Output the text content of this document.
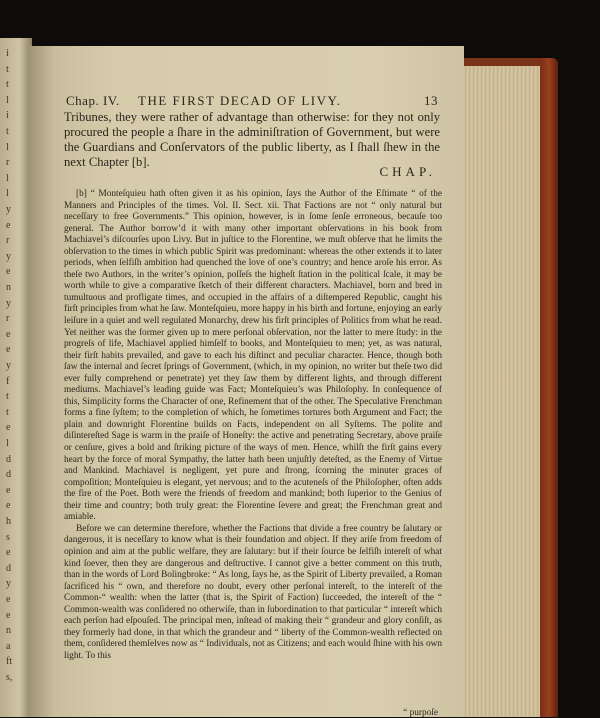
i
t
t
l
i
t
l
r
l
l
y
e
r
y
e
n
y
r
e
e
y
f
t
t
e
l
d
d
e
e
h
s
e
d
y
e
e
n
a
ft
s,
Chap. IV. THE FIRST DECAD OF LIVY.	13

Tribunes, they were rather of advantage than otherwise: for they not only procured the people a ſhare in the adminiſtration of Government, but were the Guardians and Conſervators of the public liberty, as I ſhall ſhew in the next Chapter [b].

CHAP.

[b] “ Monteſquieu hath often given it as his opinion, ſays the Author of the Eſtimate “ of the Manners and Principles of the times. Vol. II. Sect. xii. That Factions are not “ only natural but neceſſary to free Governments.” This opinion, however, is in ſome ſenſe erroneous, becauſe too general. The Author borrow’d it with many other important obſervations in his book from Machiavel’s diſcourſes upon Livy. But in juſtice to the Florentine, we muſt obſerve that he limits the obſervation to the times in which public Spirit was predominant: whereas the other extends it to later periods, when ſelfiſh ambition had quenched the love of one’s country; and hence aroſe his error. As theſe two Authors, in the writer’s opinion, poſſeſs the higheſt ſtation in the political ſcale, it may be worth while to give a comparative ſketch of their different characters. Machiavel, born and bred in tumultuous and profligate times, and occupied in the affairs of a diſtempered Republic, caught his firſt principles from what he ſaw. Monteſquieu, more happy in his birth and fortune, enjoying an early leiſure in a quiet and well regulated Monarchy, drew his firſt principles of Politics from what he read. Yet neither was the former given up to mere perſonal obſervation, nor the latter to mere ſtudy: in the progreſs of life, Machiavel applied himſelf to books, and Monteſquieu to men; yet, as was natural, their firſt habits prevailed, and gave to each his diſtinct and peculiar character. Hence, though both ſaw the internal and ſecret ſprings of Government, (which, in my opinion, no writer but theſe two did ever fully comprehend or penetrate) yet they ſaw them by different lights, and through different mediums. Machiavel’s leading guide was Fact; Monteſquieu’s was Philoſophy. In conſequence of this, Simplicity forms the Character of one, Refinement that of the other. The Speculative Frenchman forms a fine ſyſtem; to the completion of which, he ſometimes tortures both Argument and Fact; the plain and downright Florentine builds on Facts, independent on all Syſtems. The polite and diſintereſted Sage is warm in the praiſe of Honeſty: the active and penetrating Secretary, above praiſe or cenſure, gives a bold and ſtriking picture of the ways of men. Hence, whilſt the firſt gains every heart by the force of moral Sympathy, the latter hath been unjuſtly deteſted, as the Enemy of Virtue and Mankind. Machiavel is negligent, yet pure and ſtrong, ſcorning the minuter graces of compoſition; Monteſquieu is elegant, yet nervous; and to the acuteneſs of the Philoſopher, often adds the fire of the Poet. Both were the friends of freedom and mankind; both ſuperior to the Genius of their time and country; both truly great: the Florentine ſevere and great; the Frenchman great and amiable.

Before we can determine therefore, whether the Factions that divide a free country be ſalutary or dangerous, it is neceſſary to know what is their foundation and object. If they ariſe from freedom of opinion and aim at the public welfare, they are ſalutary: but if their ſource be ſelfiſh intereſt of what kind ſoever, then they are dangerous and deſtructive. I cannot give a better comment on this truth, than in the words of Lord Bolingbroke: “ As long, ſays he, as the Spirit of Liberty prevailed, a Roman ſacrificed his “ own, and therefore no doubt, every other perſonal intereſt, to the intereſt of the Common-“ wealth: when the latter (that is, the Spirit of Faction) ſucceeded, the intereſt of the “ Common-wealth was conſidered no otherwiſe, than in ſubordination to that particular “ intereſt which each perſon had eſpouſed. The principal men, inſtead of making their “ grandeur and glory conſiſt, as they formerly had done, in that which the grandeur and “ liberty of the Common-wealth reflected on them, conſidered themſelves now as “ Individuals, not as Citizens; and each would ſhine with his own light. To this

“ purpoſe
